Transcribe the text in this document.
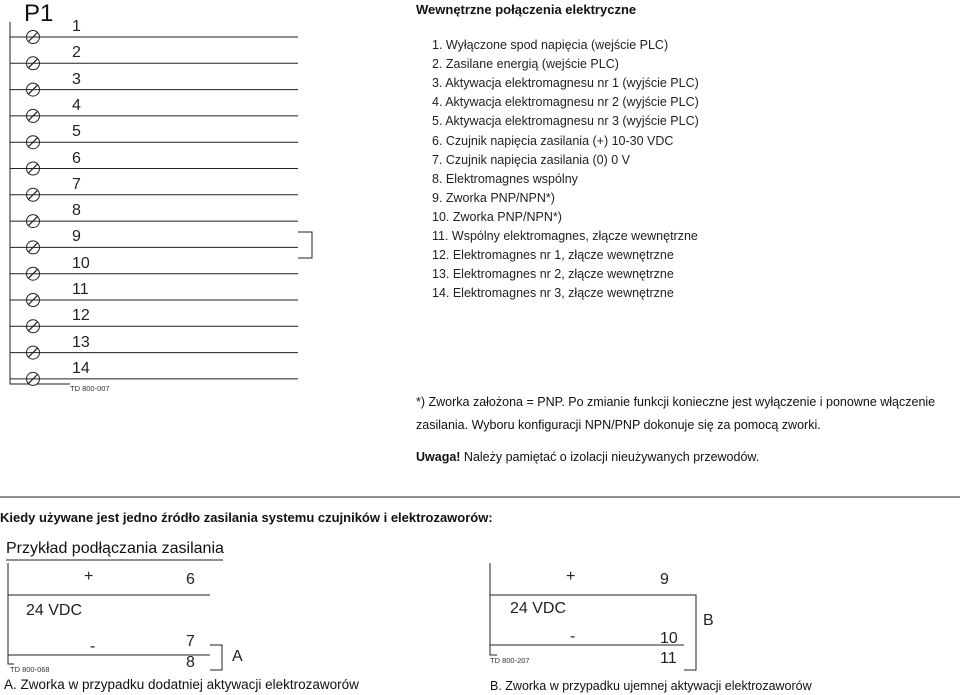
P1 1
2
3
4
5
6
7
8
9
10
11
12
13
14
TD 800-007
Wewnętrzne połączenia elektryczne
1. Wyłączone spod napięcia (wejście PLC)
2. Zasilane energią (wejście PLC)
3. Aktywacja elektromagnesu nr 1 (wyjście PLC)
4. Aktywacja elektromagnesu nr 2 (wyjście PLC)
5. Aktywacja elektromagnesu nr 3 (wyjście PLC)
6. Czujnik napięcia zasilania (+) 10-30 VDC
7. Czujnik napięcia zasilania (0) 0 V
8. Elektromagnes wspólny
9. Zworka PNP/NPN*)
10. Zworka PNP/NPN*)
11. Wspólny elektromagnes, złącze wewnętrzne
12. Elektromagnes nr 1, złącze wewnętrzne
13. Elektromagnes nr 2, złącze wewnętrzne
14. Elektromagnes nr 3, złącze wewnętrzne
*) Zworka założona = PNP. Po zmianie funkcji konieczne jest wyłączenie i ponowne włączenie
zasilania. Wyboru konfiguracji NPN/PNP dokonuje się za pomocą zworki.
Uwaga! Należy pamiętać o izolacji nieużywanych przewodów.
Kiedy używane jest jedno źródło zasilania systemu czujników i elektrozaworów:
Przykład podłączania zasilania
+	6
24 VDC
-	7
8 A
TD 800-068
A. Zworka w przypadku dodatniej aktywacji elektrozaworów
+	9
24 VDC
-	10
11
B
TD 800-207
B. Zworka w przypadku ujemnej aktywacji elektrozaworów
